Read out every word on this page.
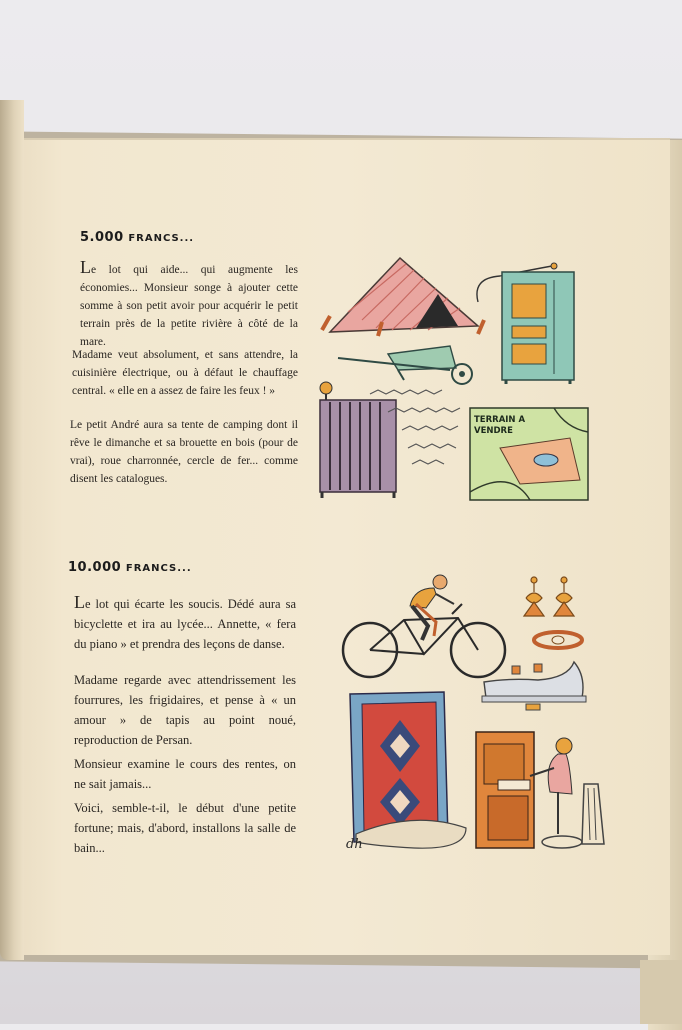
5.000 FRANCS...

Le lot qui aide... qui augmente les économies... Monsieur songe à ajouter cette somme à son petit avoir pour acquérir le petit terrain près de la petite rivière à côté de la mare.

Madame veut absolument, et sans attendre, la cuisinière électrique, ou à défaut le chauffage central. « elle en a assez de faire les feux ! »

Le petit André aura sa tente de camping dont il rêve le dimanche et sa brouette en bois (pour de vrai), roue charronnée, cercle de fer... comme disent les catalogues.

10.000 FRANCS...

Le lot qui écarte les soucis. Dédé aura sa bicyclette et ira au lycée... Annette, « fera du piano » et prendra des leçons de danse.

Madame regarde avec attendrissement les fourrures, les frigidaires, et pense à « un amour » de tapis au point noué, reproduction de Persan.

Monsieur examine le cours des rentes, on ne sait jamais...

Voici, semble-t-il, le début d'une petite fortune; mais, d'abord, installons la salle de bain...

TERRAIN A VENDRE
dh
